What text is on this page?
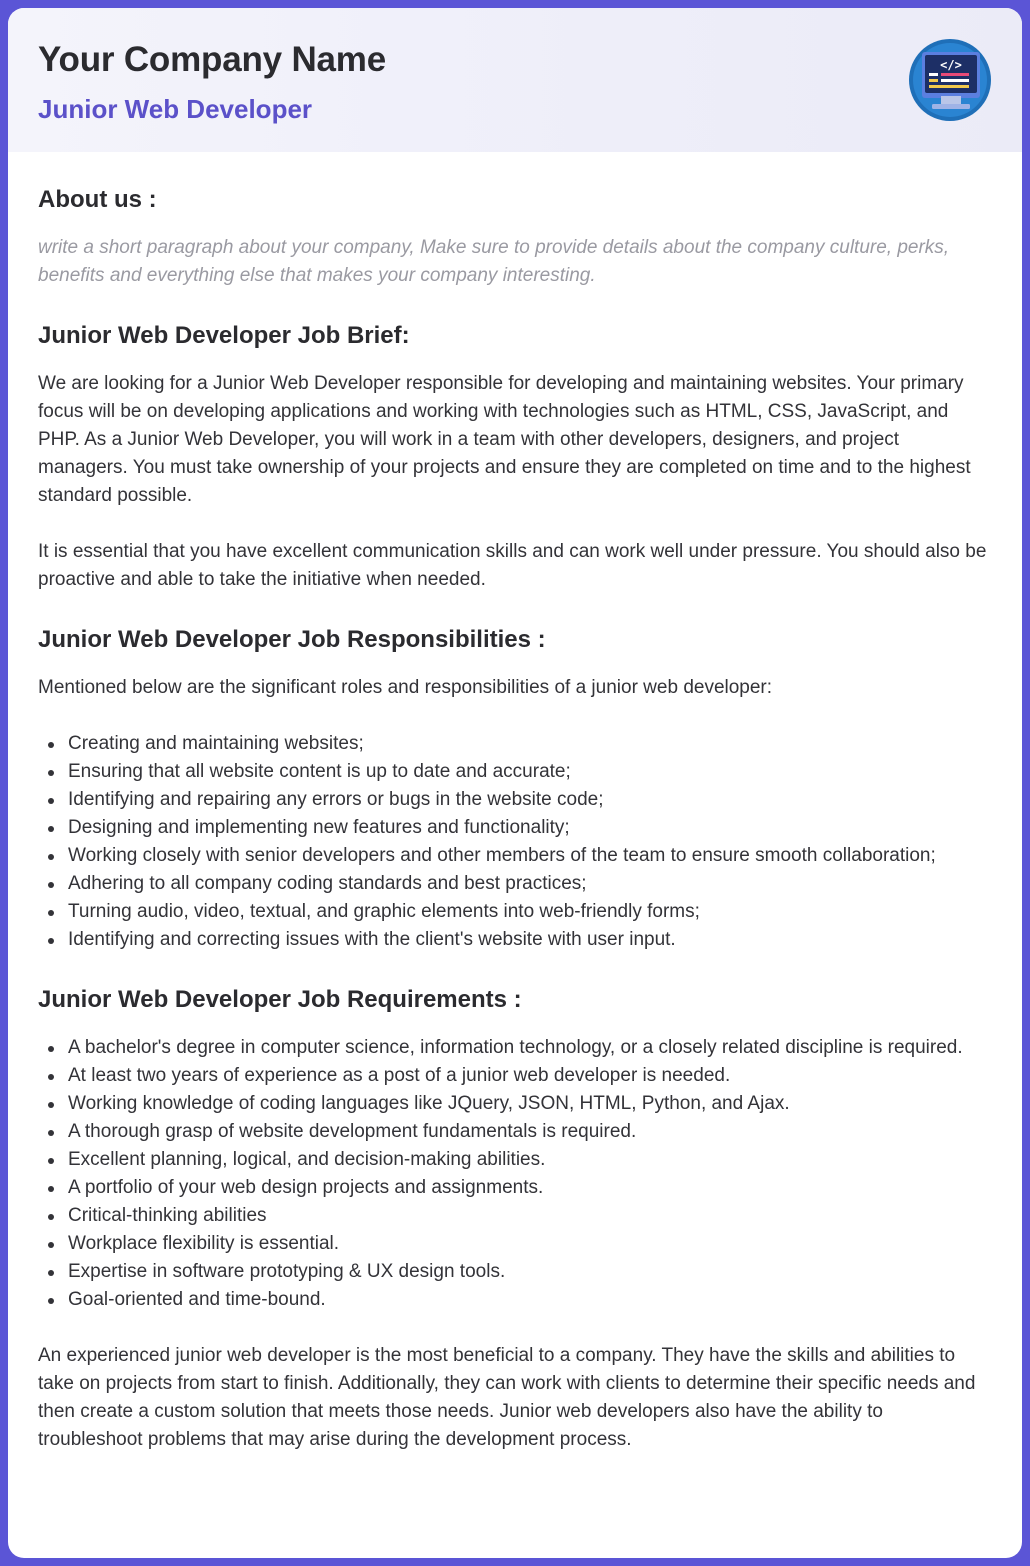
Your Company Name
Junior Web Developer
</>
About us :

write a short paragraph about your company, Make sure to provide details about the company culture, perks, benefits and everything else that makes your company interesting.

Junior Web Developer Job Brief:

We are looking for a Junior Web Developer responsible for developing and maintaining websites. Your primary focus will be on developing applications and working with technologies such as HTML, CSS, JavaScript, and PHP. As a Junior Web Developer, you will work in a team with other developers, designers, and project managers. You must take ownership of your projects and ensure they are completed on time and to the highest standard possible.

It is essential that you have excellent communication skills and can work well under pressure. You should also be proactive and able to take the initiative when needed.

Junior Web Developer Job Responsibilities :

Mentioned below are the significant roles and responsibilities of a junior web developer:

Creating and maintaining websites;
Ensuring that all website content is up to date and accurate;
Identifying and repairing any errors or bugs in the website code;
Designing and implementing new features and functionality;
Working closely with senior developers and other members of the team to ensure smooth collaboration;
Adhering to all company coding standards and best practices;
Turning audio, video, textual, and graphic elements into web-friendly forms;
Identifying and correcting issues with the client's website with user input.
Junior Web Developer Job Requirements :
A bachelor's degree in computer science, information technology, or a closely related discipline is required.
At least two years of experience as a post of a junior web developer is needed.
Working knowledge of coding languages like JQuery, JSON, HTML, Python, and Ajax.
A thorough grasp of website development fundamentals is required.
Excellent planning, logical, and decision-making abilities.
A portfolio of your web design projects and assignments.
Critical-thinking abilities
Workplace flexibility is essential.
Expertise in software prototyping & UX design tools.
Goal-oriented and time-bound.

An experienced junior web developer is the most beneficial to a company. They have the skills and abilities to take on projects from start to finish. Additionally, they can work with clients to determine their specific needs and then create a custom solution that meets those needs. Junior web developers also have the ability to troubleshoot problems that may arise during the development process.
